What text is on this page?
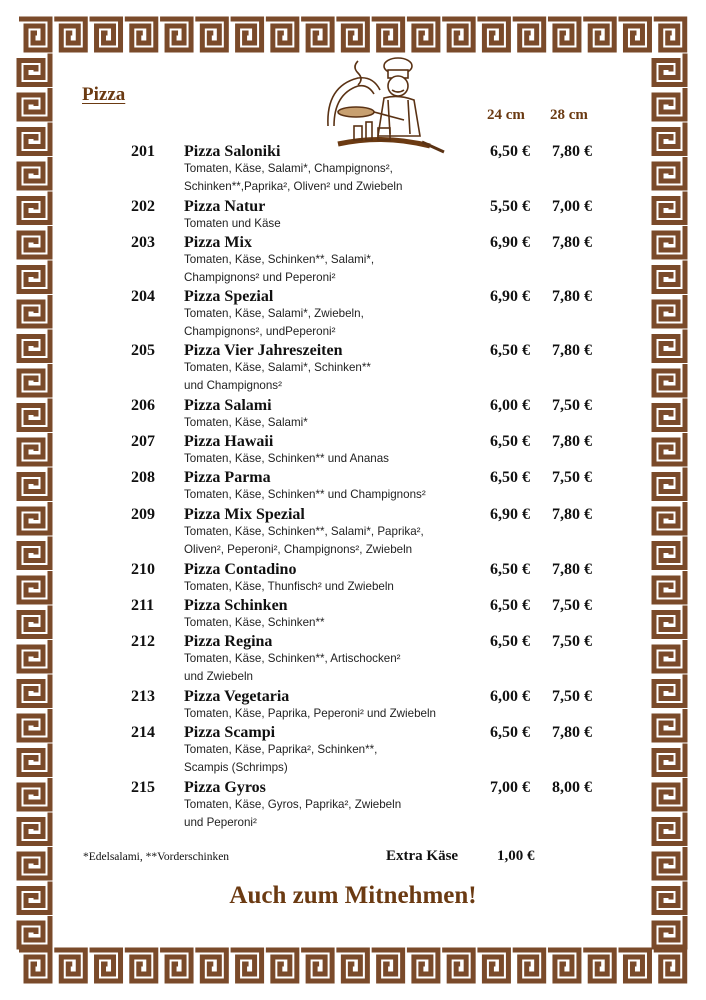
Pizza
24 cm 28 cm
201 Pizza Saloniki
Tomaten, Käse, Salami*, Champignons²,
Schinken**,Paprika², Oliven² und Zwiebeln
6,50 € 7,80 €
202 Pizza Natur
Tomaten und Käse
5,50 € 7,00 €
203 Pizza Mix
Tomaten, Käse, Schinken**, Salami*,
Champignons² und Peperoni²
6,90 € 7,80 €
204 Pizza Spezial
Tomaten, Käse, Salami*, Zwiebeln,
Champignons², undPeperoni²
6,90 € 7,80 €
205 Pizza Vier Jahreszeiten
Tomaten, Käse, Salami*, Schinken**
und Champignons²
6,50 € 7,80 €
206 Pizza Salami
Tomaten, Käse, Salami*
6,00 € 7,50 €
207 Pizza Hawaii
Tomaten, Käse, Schinken** und Ananas
6,50 € 7,80 €
208 Pizza Parma
Tomaten, Käse, Schinken** und Champignons²
6,50 € 7,50 €
209 Pizza Mix Spezial
Tomaten, Käse, Schinken**, Salami*, Paprika²,
Oliven², Peperoni², Champignons², Zwiebeln
6,90 € 7,80 €
210 Pizza Contadino
Tomaten, Käse, Thunfisch² und Zwiebeln
6,50 € 7,80 €
211 Pizza Schinken
Tomaten, Käse, Schinken**
6,50 € 7,50 €
212 Pizza Regina
Tomaten, Käse, Schinken**, Artischocken²
und Zwiebeln
6,50 € 7,50 €
213 Pizza Vegetaria
Tomaten, Käse, Paprika, Peperoni² und Zwiebeln
6,00 € 7,50 €
214 Pizza Scampi
Tomaten, Käse, Paprika², Schinken**,
Scampis (Schrimps)
6,50 € 7,80 €
215 Pizza Gyros
Tomaten, Käse, Gyros, Paprika², Zwiebeln
und Peperoni²
7,00 € 8,00 €
*Edelsalami, **Vorderschinken	Extra Käse	1,00 €
Auch zum Mitnehmen!
